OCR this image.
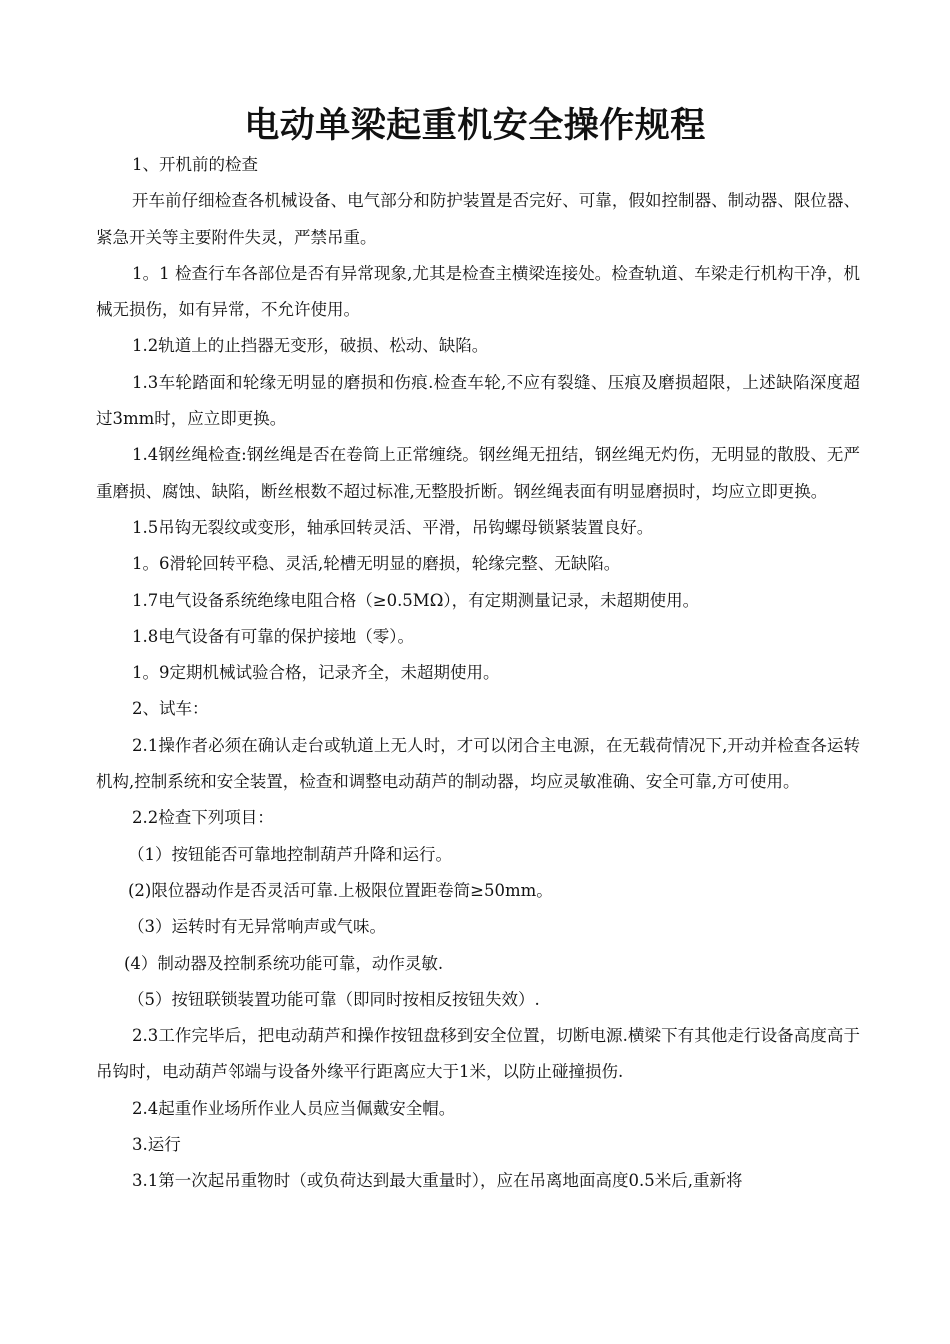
电动单梁起重机安全操作规程

1、开机前的检查

开车前仔细检查各机械设备、电气部分和防护装置是否完好、可靠，假如控制器、制动器、限位器、紧急开关等主要附件失灵，严禁吊重。

1。1 检查行车各部位是否有异常现象,尤其是检查主横梁连接处。检查轨道、车梁走行机构干净，机械无损伤，如有异常，不允许使用。

1.2轨道上的止挡器无变形，破损、松动、缺陷。

1.3车轮踏面和轮缘无明显的磨损和伤痕.检查车轮,不应有裂缝、压痕及磨损超限，上述缺陷深度超过3mm时，应立即更换。

1.4钢丝绳检查:钢丝绳是否在卷筒上正常缠绕。钢丝绳无扭结，钢丝绳无灼伤，无明显的散股、无严重磨损、腐蚀、缺陷，断丝根数不超过标准,无整股折断。钢丝绳表面有明显磨损时，均应立即更换。

1.5吊钩无裂纹或变形，轴承回转灵活、平滑，吊钩螺母锁紧装置良好。

1。6滑轮回转平稳、灵活,轮槽无明显的磨损，轮缘完整、无缺陷。

1.7电气设备系统绝缘电阻合格（≥0.5MΩ），有定期测量记录，未超期使用。

1.8电气设备有可靠的保护接地（零）。

1。9定期机械试验合格，记录齐全，未超期使用。

2、试车：

2.1操作者必须在确认走台或轨道上无人时，才可以闭合主电源，在无载荷情况下,开动并检查各运转机构,控制系统和安全装置，检查和调整电动葫芦的制动器，均应灵敏准确、安全可靠,方可使用。

2.2检查下列项目：

（1）按钮能否可靠地控制葫芦升降和运行。

(2)限位器动作是否灵活可靠.上极限位置距卷筒≥50mm。

（3）运转时有无异常响声或气味。

(4）制动器及控制系统功能可靠，动作灵敏.

（5）按钮联锁装置功能可靠（即同时按相反按钮失效）.

2.3工作完毕后，把电动葫芦和操作按钮盘移到安全位置，切断电源.横梁下有其他走行设备高度高于吊钩时，电动葫芦邻端与设备外缘平行距离应大于1米，以防止碰撞损伤.

2.4起重作业场所作业人员应当佩戴安全帽。

3.运行

3.1第一次起吊重物时（或负荷达到最大重量时），应在吊离地面高度0.5米后,重新将
